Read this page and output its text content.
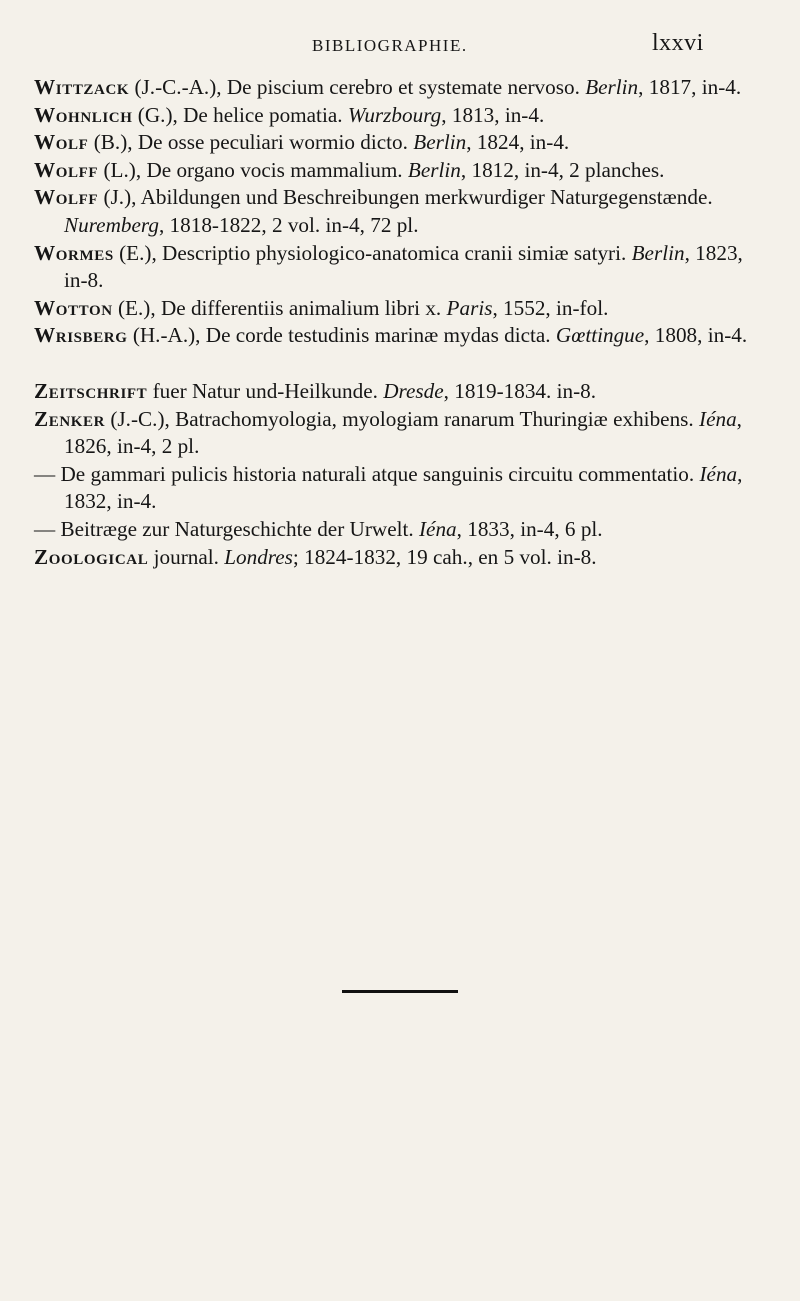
BIBLIOGRAPHIE.	lxxvi

Wittzack (J.-C.-A.), De piscium cerebro et systemate nervoso. Berlin, 1817, in-4.

Wohnlich (G.), De helice pomatia. Wurzbourg, 1813, in-4.

Wolf (B.), De osse peculiari wormio dicto. Berlin, 1824, in-4.

Wolff (L.), De organo vocis mammalium. Berlin, 1812, in-4, 2 planches.

Wolff (J.), Abildungen und Beschreibungen merkwurdiger Naturgegenstænde. Nuremberg, 1818-1822, 2 vol. in-4, 72 pl.

Wormes (E.), Descriptio physiologico-anatomica cranii simiæ satyri. Berlin, 1823, in-8.

Wotton (E.), De differentiis animalium libri x. Paris, 1552, in-fol.

Wrisberg (H.-A.), De corde testudinis marinæ mydas dicta. Gœttingue, 1808, in-4.

Zeitschrift fuer Natur und-Heilkunde. Dresde, 1819-1834. in-8.

Zenker (J.-C.), Batrachomyologia, myologiam ranarum Thuringiæ exhibens. Iéna, 1826, in-4, 2 pl.

— De gammari pulicis historia naturali atque sanguinis circuitu commentatio. Iéna, 1832, in-4.

— Beitræge zur Naturgeschichte der Urwelt. Iéna, 1833, in-4, 6 pl.

Zoological journal. Londres; 1824-1832, 19 cah., en 5 vol. in-8.
